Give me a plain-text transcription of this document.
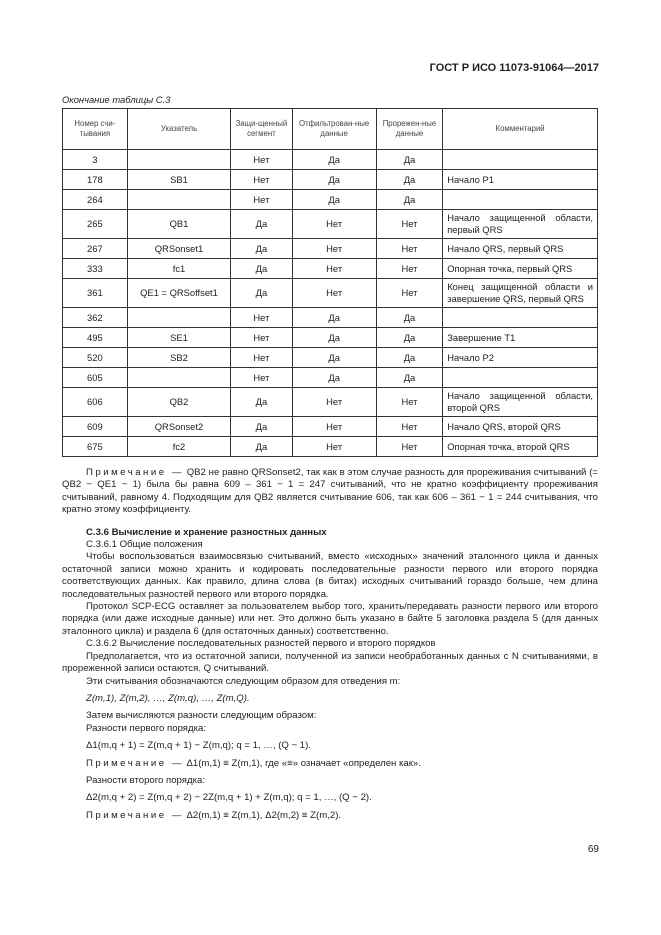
ГОСТ Р ИСО 11073-91064—2017
Окончание таблицы С.3
Номер счи-тывания	Указатель	Защи-щенный сегмент	Отфильтрован-ные данные	Прорежен-ные данные	Комментарий
3		Нет	Да	Да	
178	SB1	Нет	Да	Да	Начало P1
264		Нет	Да	Да	
265	QB1	Да	Нет	Нет	Начало защищенной области, первый QRS
267	QRSonset1	Да	Нет	Нет	Начало QRS, первый QRS
333	fc1	Да	Нет	Нет	Опорная точка, первый QRS
361	QE1 = QRSoffset1	Да	Нет	Нет	Конец защищенной области и завершение QRS, первый QRS
362		Нет	Да	Да	
495	SE1	Нет	Да	Да	Завершение T1
520	SB2	Нет	Да	Да	Начало P2
605		Нет	Да	Да	
606	QB2	Да	Нет	Нет	Начало защищенной области, второй QRS
609	QRSonset2	Да	Нет	Нет	Начало QRS, второй QRS
675	fc2	Да	Нет	Нет	Опорная точка, второй QRS

Примечание — QB2 не равно QRSonset2, так как в этом случае разность для прореживания считываний (= QB2 − QE1 − 1) была бы равна 609 – 361 − 1 = 247 считываний, что не кратно коэффициенту прореживания считываний, равному 4. Подходящим для QB2 является считывание 606, так как 606 – 361 − 1 = 244 считывания, что кратно этому коэффициенту.

С.3.6 Вычисление и хранение разностных данных

С.3.6.1 Общие положения

Чтобы воспользоваться взаимосвязью считываний, вместо «исходных» значений эталонного цикла и данных остаточной записи можно хранить и кодировать последовательные разности первого или второго порядка соответствующих данных. Как правило, длина слова (в битах) исходных считываний гораздо больше, чем длина последовательных разностей первого или второго порядка.

Протокол SCP-ECG оставляет за пользователем выбор того, хранить/передавать разности первого или второго порядка (или даже исходные данные) или нет. Это должно быть указано в байте 5 заголовка раздела 5 (для данных эталонного цикла) и раздела 6 (для остаточных данных) соответственно.

С.3.6.2 Вычисление последовательных разностей первого и второго порядков

Предполагается, что из остаточной записи, полученной из записи необработанных данных с N считываниями, в прореженной записи остаются. Q считываний.

Эти считывания обозначаются следующим образом для отведения m:

Z(m,1), Z(m,2), …, Z(m,q), …, Z(m,Q).

Затем вычисляются разности следующим образом:

Разности первого порядка:

Δ1(m,q + 1) = Z(m,q + 1) − Z(m,q); q = 1, …, (Q − 1).

Примечание — Δ1(m,1) ≡ Z(m,1), где «≡» означает «определен как».

Разности второго порядка:

Δ2(m,q + 2) = Z(m,q + 2) − 2Z(m,q + 1) + Z(m,q); q = 1, …, (Q − 2).

Примечание — Δ2(m,1) ≡ Z(m,1), Δ2(m,2) ≡ Z(m,2).

69
